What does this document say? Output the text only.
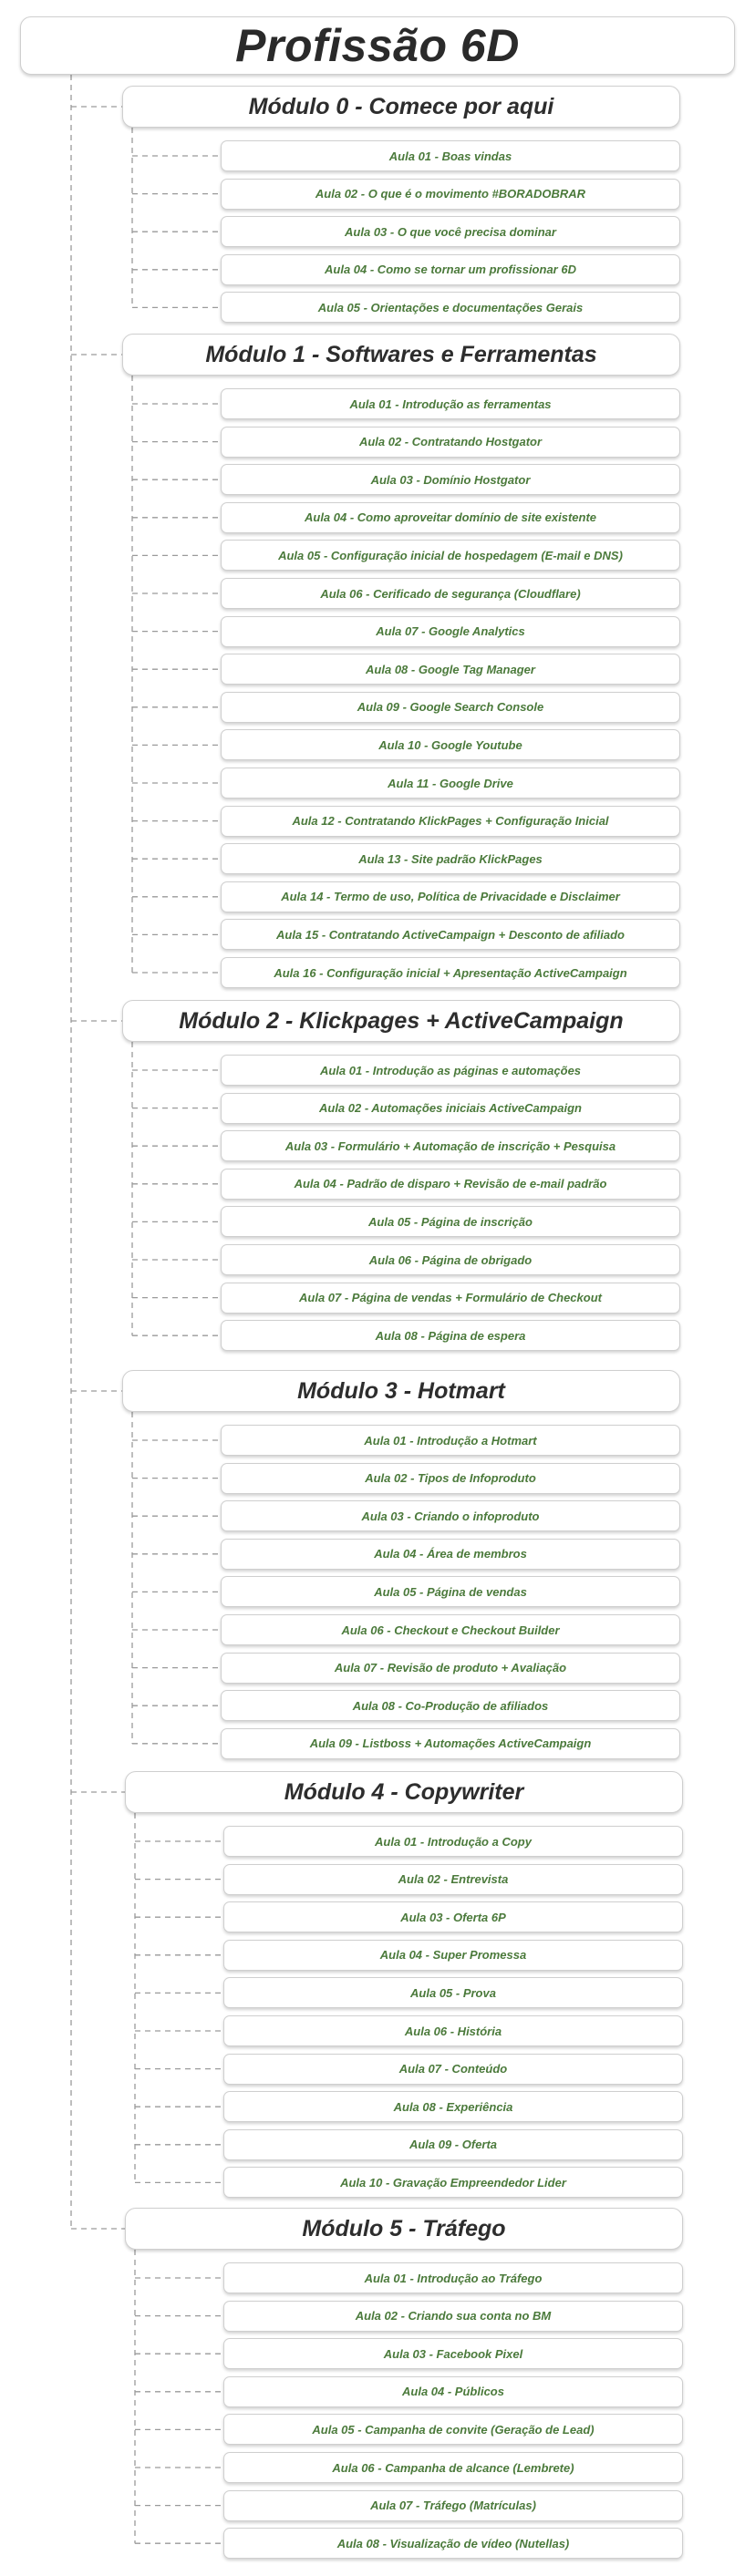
Profissão 6D
Módulo 0 - Comece por aqui
Aula 01 - Boas vindas
Aula 02 - O que é o movimento #BORADOBRAR
Aula 03 - O que você precisa dominar
Aula 04 - Como se tornar um profissionar 6D
Aula 05 - Orientações e documentações Gerais
Módulo 1 - Softwares e Ferramentas
Aula 01 - Introdução as ferramentas
Aula 02 - Contratando Hostgator
Aula 03 - Domínio Hostgator
Aula 04 - Como aproveitar domínio de site existente
Aula 05 - Configuração inicial de hospedagem (E-mail e DNS)
Aula 06 - Cerificado de segurança (Cloudflare)
Aula 07 - Google Analytics
Aula 08 - Google Tag Manager
Aula 09 - Google Search Console
Aula 10 - Google Youtube
Aula 11 - Google Drive
Aula 12 - Contratando KlickPages + Configuração Inicial
Aula 13 - Site padrão KlickPages
Aula 14 - Termo de uso, Política de Privacidade e Disclaimer
Aula 15 - Contratando ActiveCampaign + Desconto de afiliado
Aula 16 - Configuração inicial + Apresentação ActiveCampaign
Módulo 2 - Klickpages + ActiveCampaign
Aula 01 - Introdução as páginas e automações
Aula 02 - Automações iniciais ActiveCampaign
Aula 03 - Formulário + Automação de inscrição + Pesquisa
Aula 04 - Padrão de disparo + Revisão de e-mail padrão
Aula 05 - Página de inscrição
Aula 06 - Página de obrigado
Aula 07 - Página de vendas + Formulário de Checkout
Aula 08 - Página de espera
Módulo 3 - Hotmart
Aula 01 - Introdução a Hotmart
Aula 02 - Tipos de Infoproduto
Aula 03 - Criando o infoproduto
Aula 04 - Área de membros
Aula 05 - Página de vendas
Aula 06 - Checkout e Checkout Builder
Aula 07 - Revisão de produto + Avaliação
Aula 08 - Co-Produção de afiliados
Aula 09 - Listboss + Automações ActiveCampaign
Módulo 4 - Copywriter
Aula 01 - Introdução a Copy
Aula 02 - Entrevista
Aula 03 - Oferta 6P
Aula 04 - Super Promessa
Aula 05 - Prova
Aula 06 - História
Aula 07 - Conteúdo
Aula 08 - Experiência
Aula 09 - Oferta
Aula 10 - Gravação Empreendedor Lider
Módulo 5 - Tráfego
Aula 01 - Introdução ao Tráfego
Aula 02 - Criando sua conta no BM
Aula 03 - Facebook Pixel
Aula 04 - Públicos
Aula 05 - Campanha de convite (Geração de Lead)
Aula 06 - Campanha de alcance (Lembrete)
Aula 07 - Tráfego (Matrículas)
Aula 08 - Visualização de vídeo (Nutellas)
